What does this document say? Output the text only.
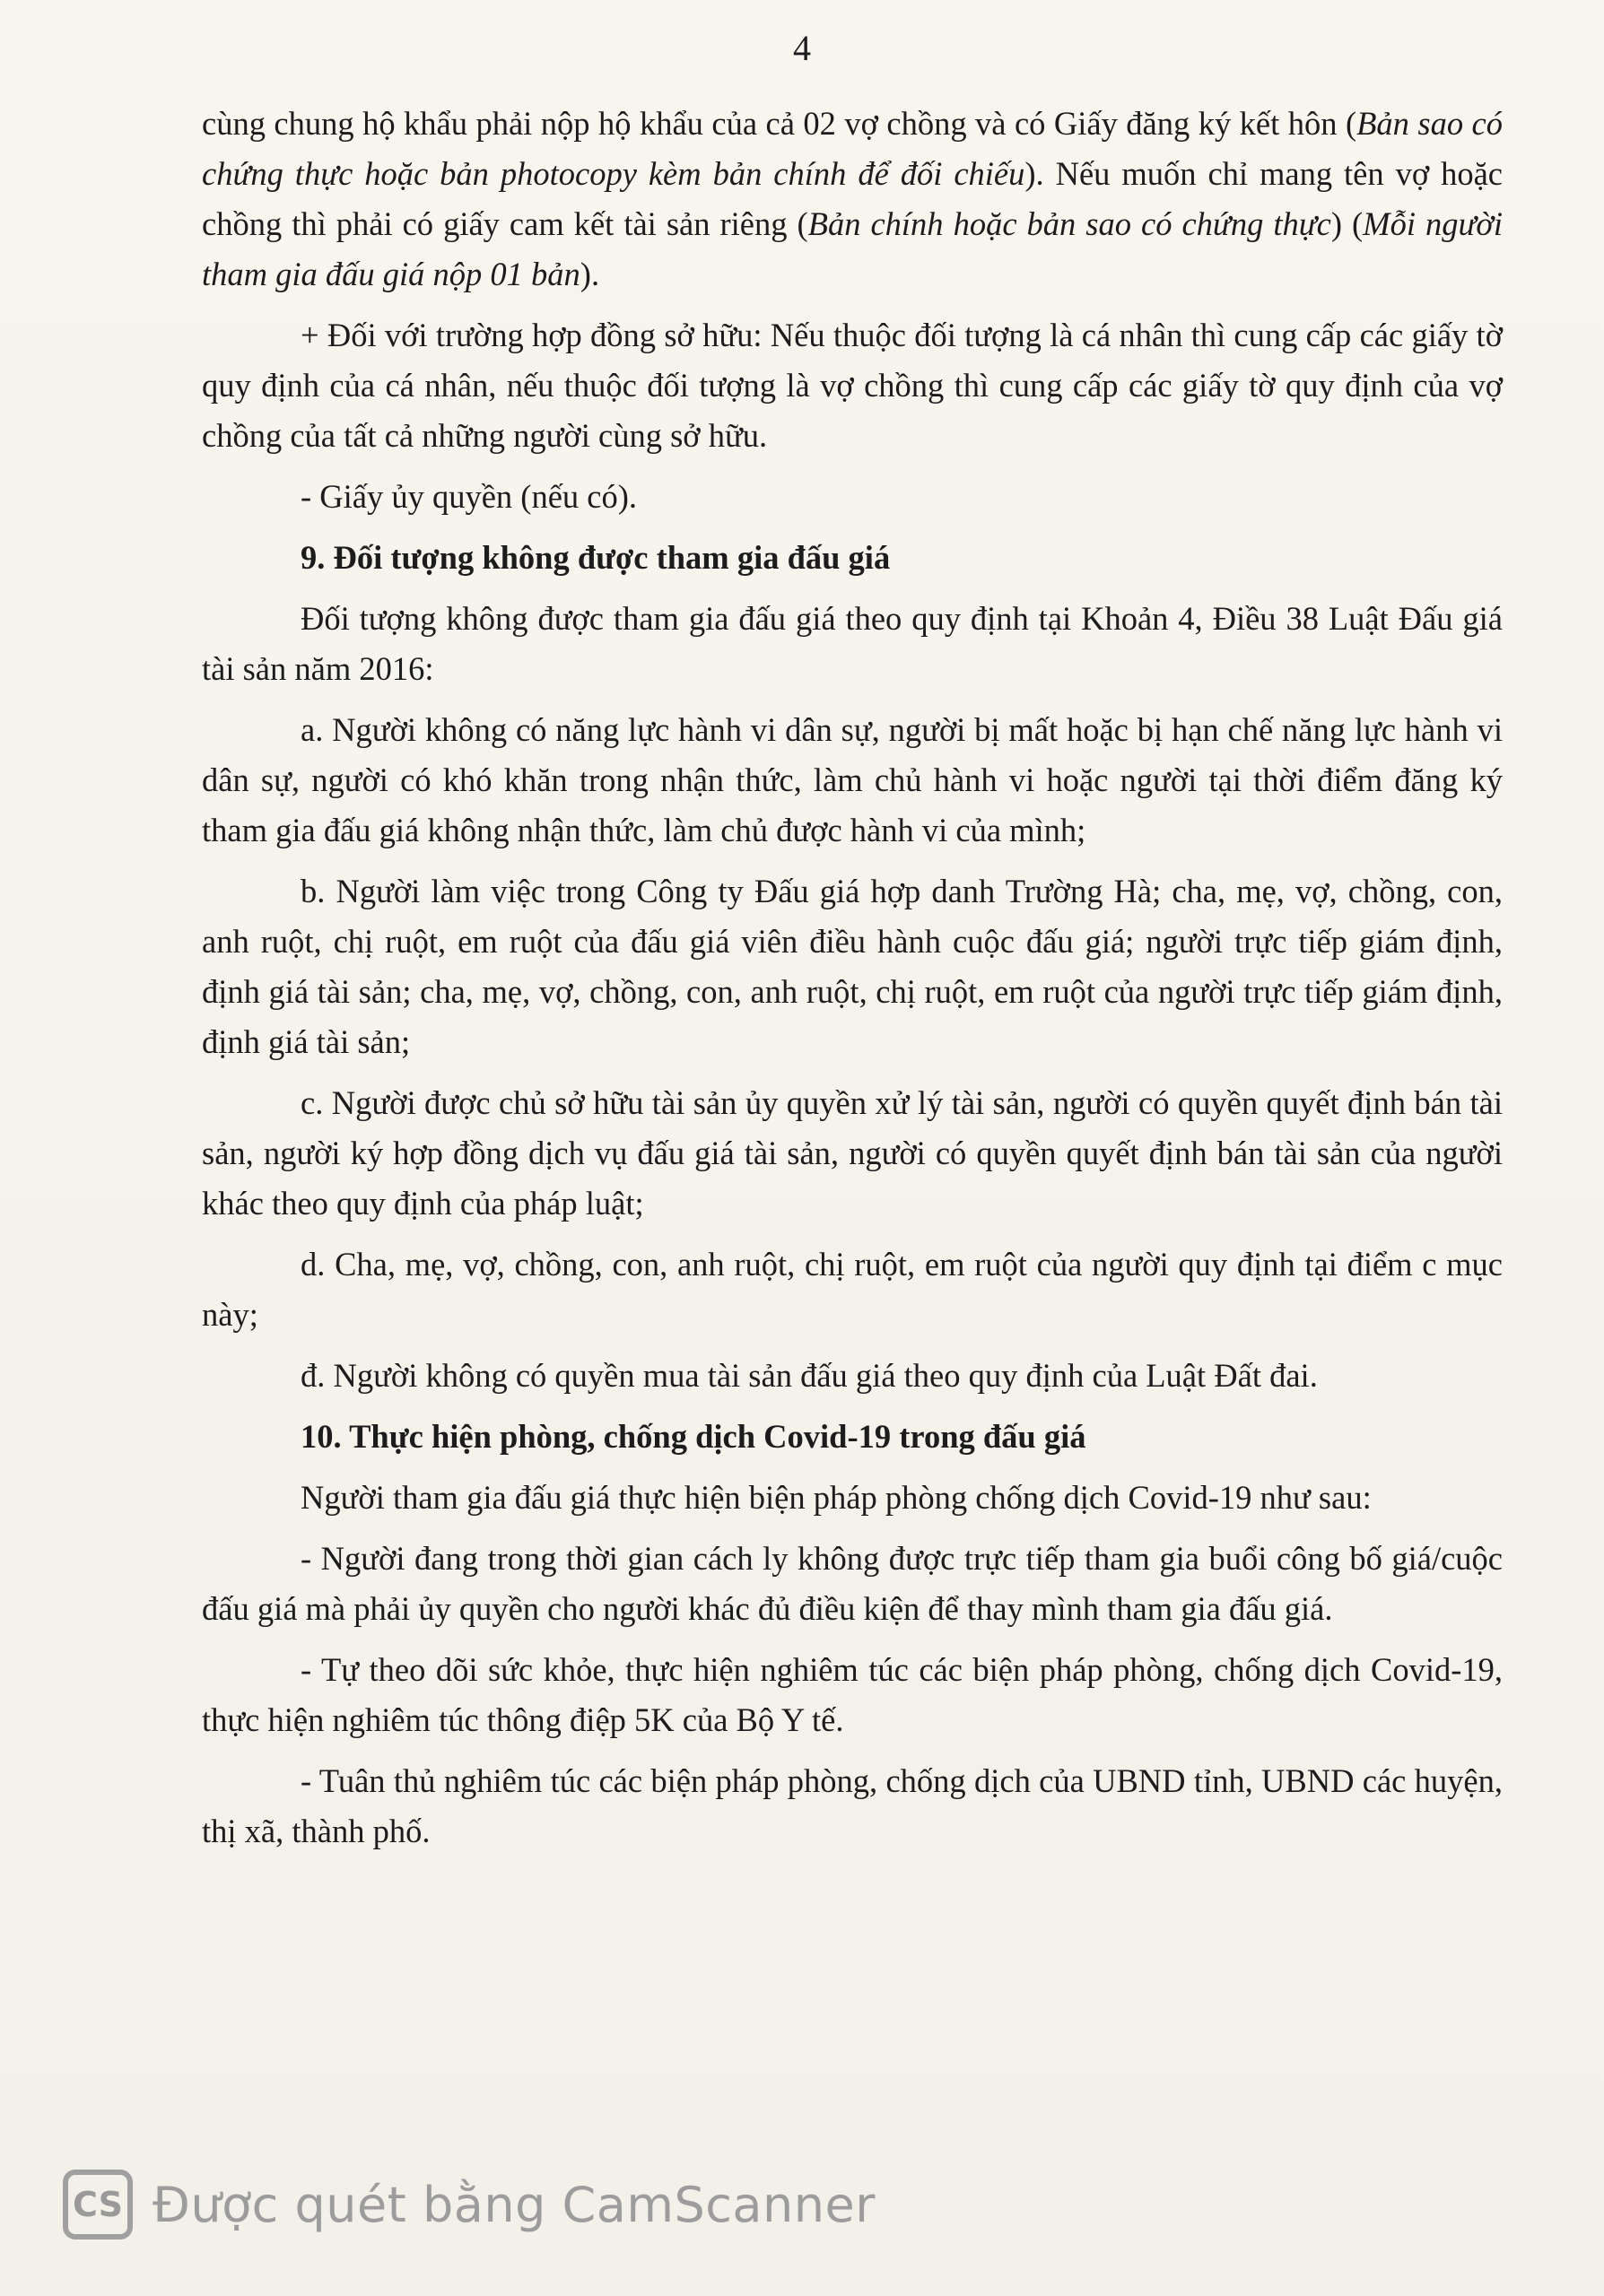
4

cùng chung hộ khẩu phải nộp hộ khẩu của cả 02 vợ chồng và có Giấy đăng ký kết hôn (Bản sao có chứng thực hoặc bản photocopy kèm bản chính để đối chiếu). Nếu muốn chỉ mang tên vợ hoặc chồng thì phải có giấy cam kết tài sản riêng (Bản chính hoặc bản sao có chứng thực) (Mỗi người tham gia đấu giá nộp 01 bản).

+ Đối với trường hợp đồng sở hữu: Nếu thuộc đối tượng là cá nhân thì cung cấp các giấy tờ quy định của cá nhân, nếu thuộc đối tượng là vợ chồng thì cung cấp các giấy tờ quy định của vợ chồng của tất cả những người cùng sở hữu.

- Giấy ủy quyền (nếu có).

9. Đối tượng không được tham gia đấu giá

Đối tượng không được tham gia đấu giá theo quy định tại Khoản 4, Điều 38 Luật Đấu giá tài sản năm 2016:

a. Người không có năng lực hành vi dân sự, người bị mất hoặc bị hạn chế năng lực hành vi dân sự, người có khó khăn trong nhận thức, làm chủ hành vi hoặc người tại thời điểm đăng ký tham gia đấu giá không nhận thức, làm chủ được hành vi của mình;

b. Người làm việc trong Công ty Đấu giá hợp danh Trường Hà; cha, mẹ, vợ, chồng, con, anh ruột, chị ruột, em ruột của đấu giá viên điều hành cuộc đấu giá; người trực tiếp giám định, định giá tài sản; cha, mẹ, vợ, chồng, con, anh ruột, chị ruột, em ruột của người trực tiếp giám định, định giá tài sản;

c. Người được chủ sở hữu tài sản ủy quyền xử lý tài sản, người có quyền quyết định bán tài sản, người ký hợp đồng dịch vụ đấu giá tài sản, người có quyền quyết định bán tài sản của người khác theo quy định của pháp luật;

d. Cha, mẹ, vợ, chồng, con, anh ruột, chị ruột, em ruột của người quy định tại điểm c mục này;

đ. Người không có quyền mua tài sản đấu giá theo quy định của Luật Đất đai.

10. Thực hiện phòng, chống dịch Covid-19 trong đấu giá

Người tham gia đấu giá thực hiện biện pháp phòng chống dịch Covid-19 như sau:

- Người đang trong thời gian cách ly không được trực tiếp tham gia buổi công bố giá/cuộc đấu giá mà phải ủy quyền cho người khác đủ điều kiện để thay mình tham gia đấu giá.

- Tự theo dõi sức khỏe, thực hiện nghiêm túc các biện pháp phòng, chống dịch Covid-19, thực hiện nghiêm túc thông điệp 5K của Bộ Y tế.

- Tuân thủ nghiêm túc các biện pháp phòng, chống dịch của UBND tỉnh, UBND các huyện, thị xã, thành phố.

CS Được quét bằng CamScanner
